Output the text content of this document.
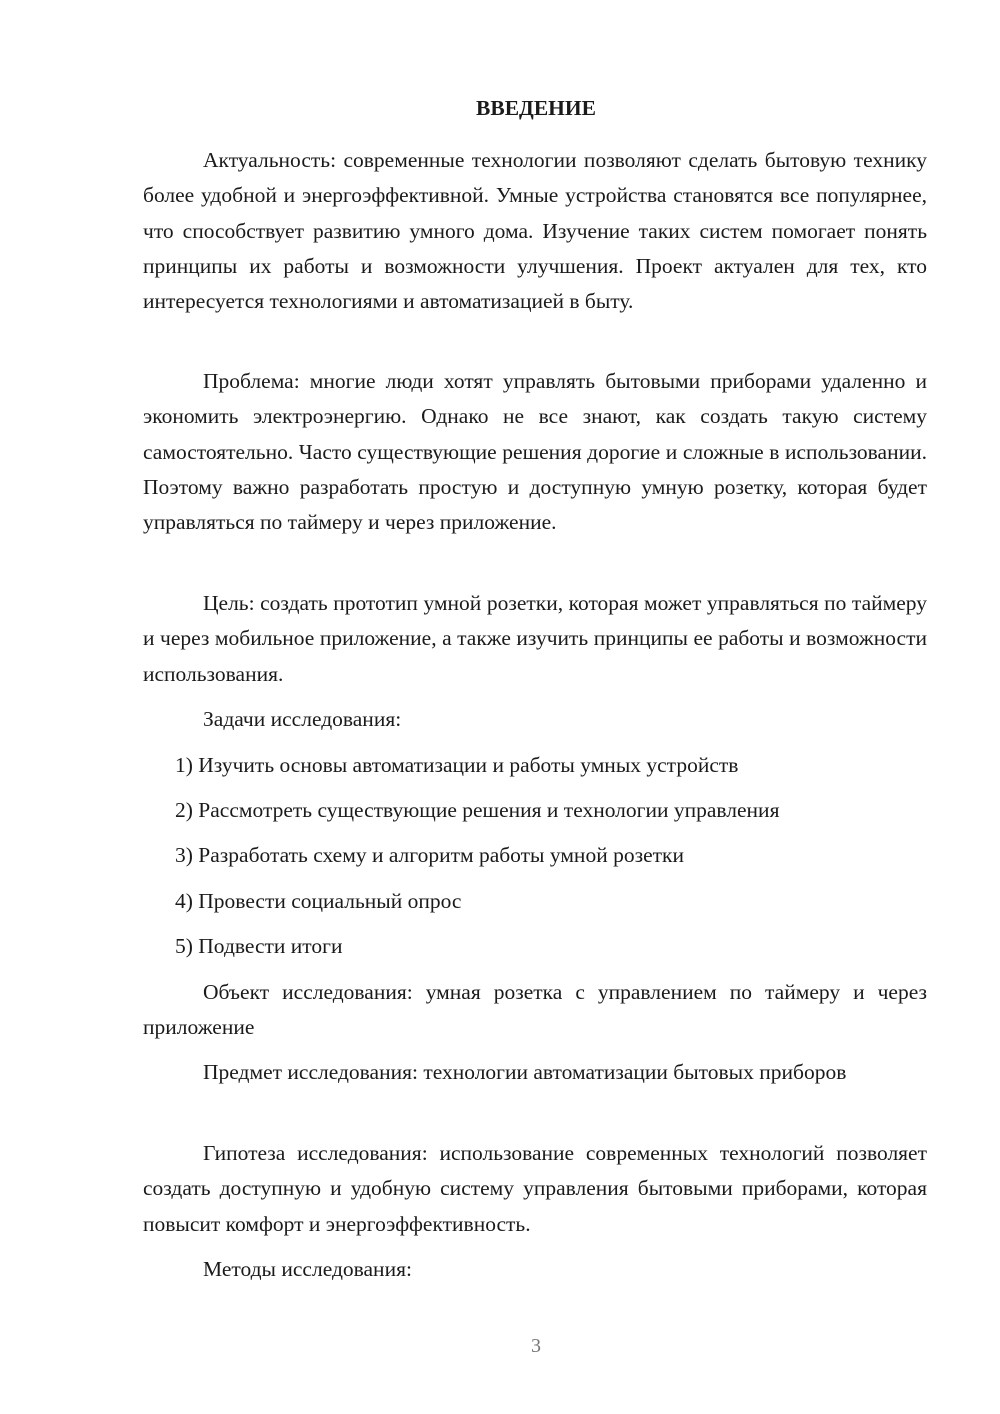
ВВЕДЕНИЕ

Актуальность: современные технологии позволяют сделать бытовую технику более удобной и энергоэффективной. Умные устройства становятся все популярнее, что способствует развитию умного дома. Изучение таких систем помогает понять принципы их работы и возможности улучшения. Проект актуален для тех, кто интересуется технологиями и автоматизацией в быту.

Проблема: многие люди хотят управлять бытовыми приборами удаленно и экономить электроэнергию. Однако не все знают, как создать такую систему самостоятельно. Часто существующие решения дорогие и сложные в использовании. Поэтому важно разработать простую и доступную умную розетку, которая будет управляться по таймеру и через приложение.

Цель: создать прототип умной розетки, которая может управляться по таймеру и через мобильное приложение, а также изучить принципы ее работы и возможности использования.

Задачи исследования:

1) Изучить основы автоматизации и работы умных устройств

2) Рассмотреть существующие решения и технологии управления

3) Разработать схему и алгоритм работы умной розетки

4) Провести социальный опрос

5) Подвести итоги

Объект исследования: умная розетка с управлением по таймеру и через приложение

Предмет исследования: технологии автоматизации бытовых приборов

Гипотеза исследования: использование современных технологий позволяет создать доступную и удобную систему управления бытовыми приборами, которая повысит комфорт и энергоэффективность.

Методы исследования:

3
